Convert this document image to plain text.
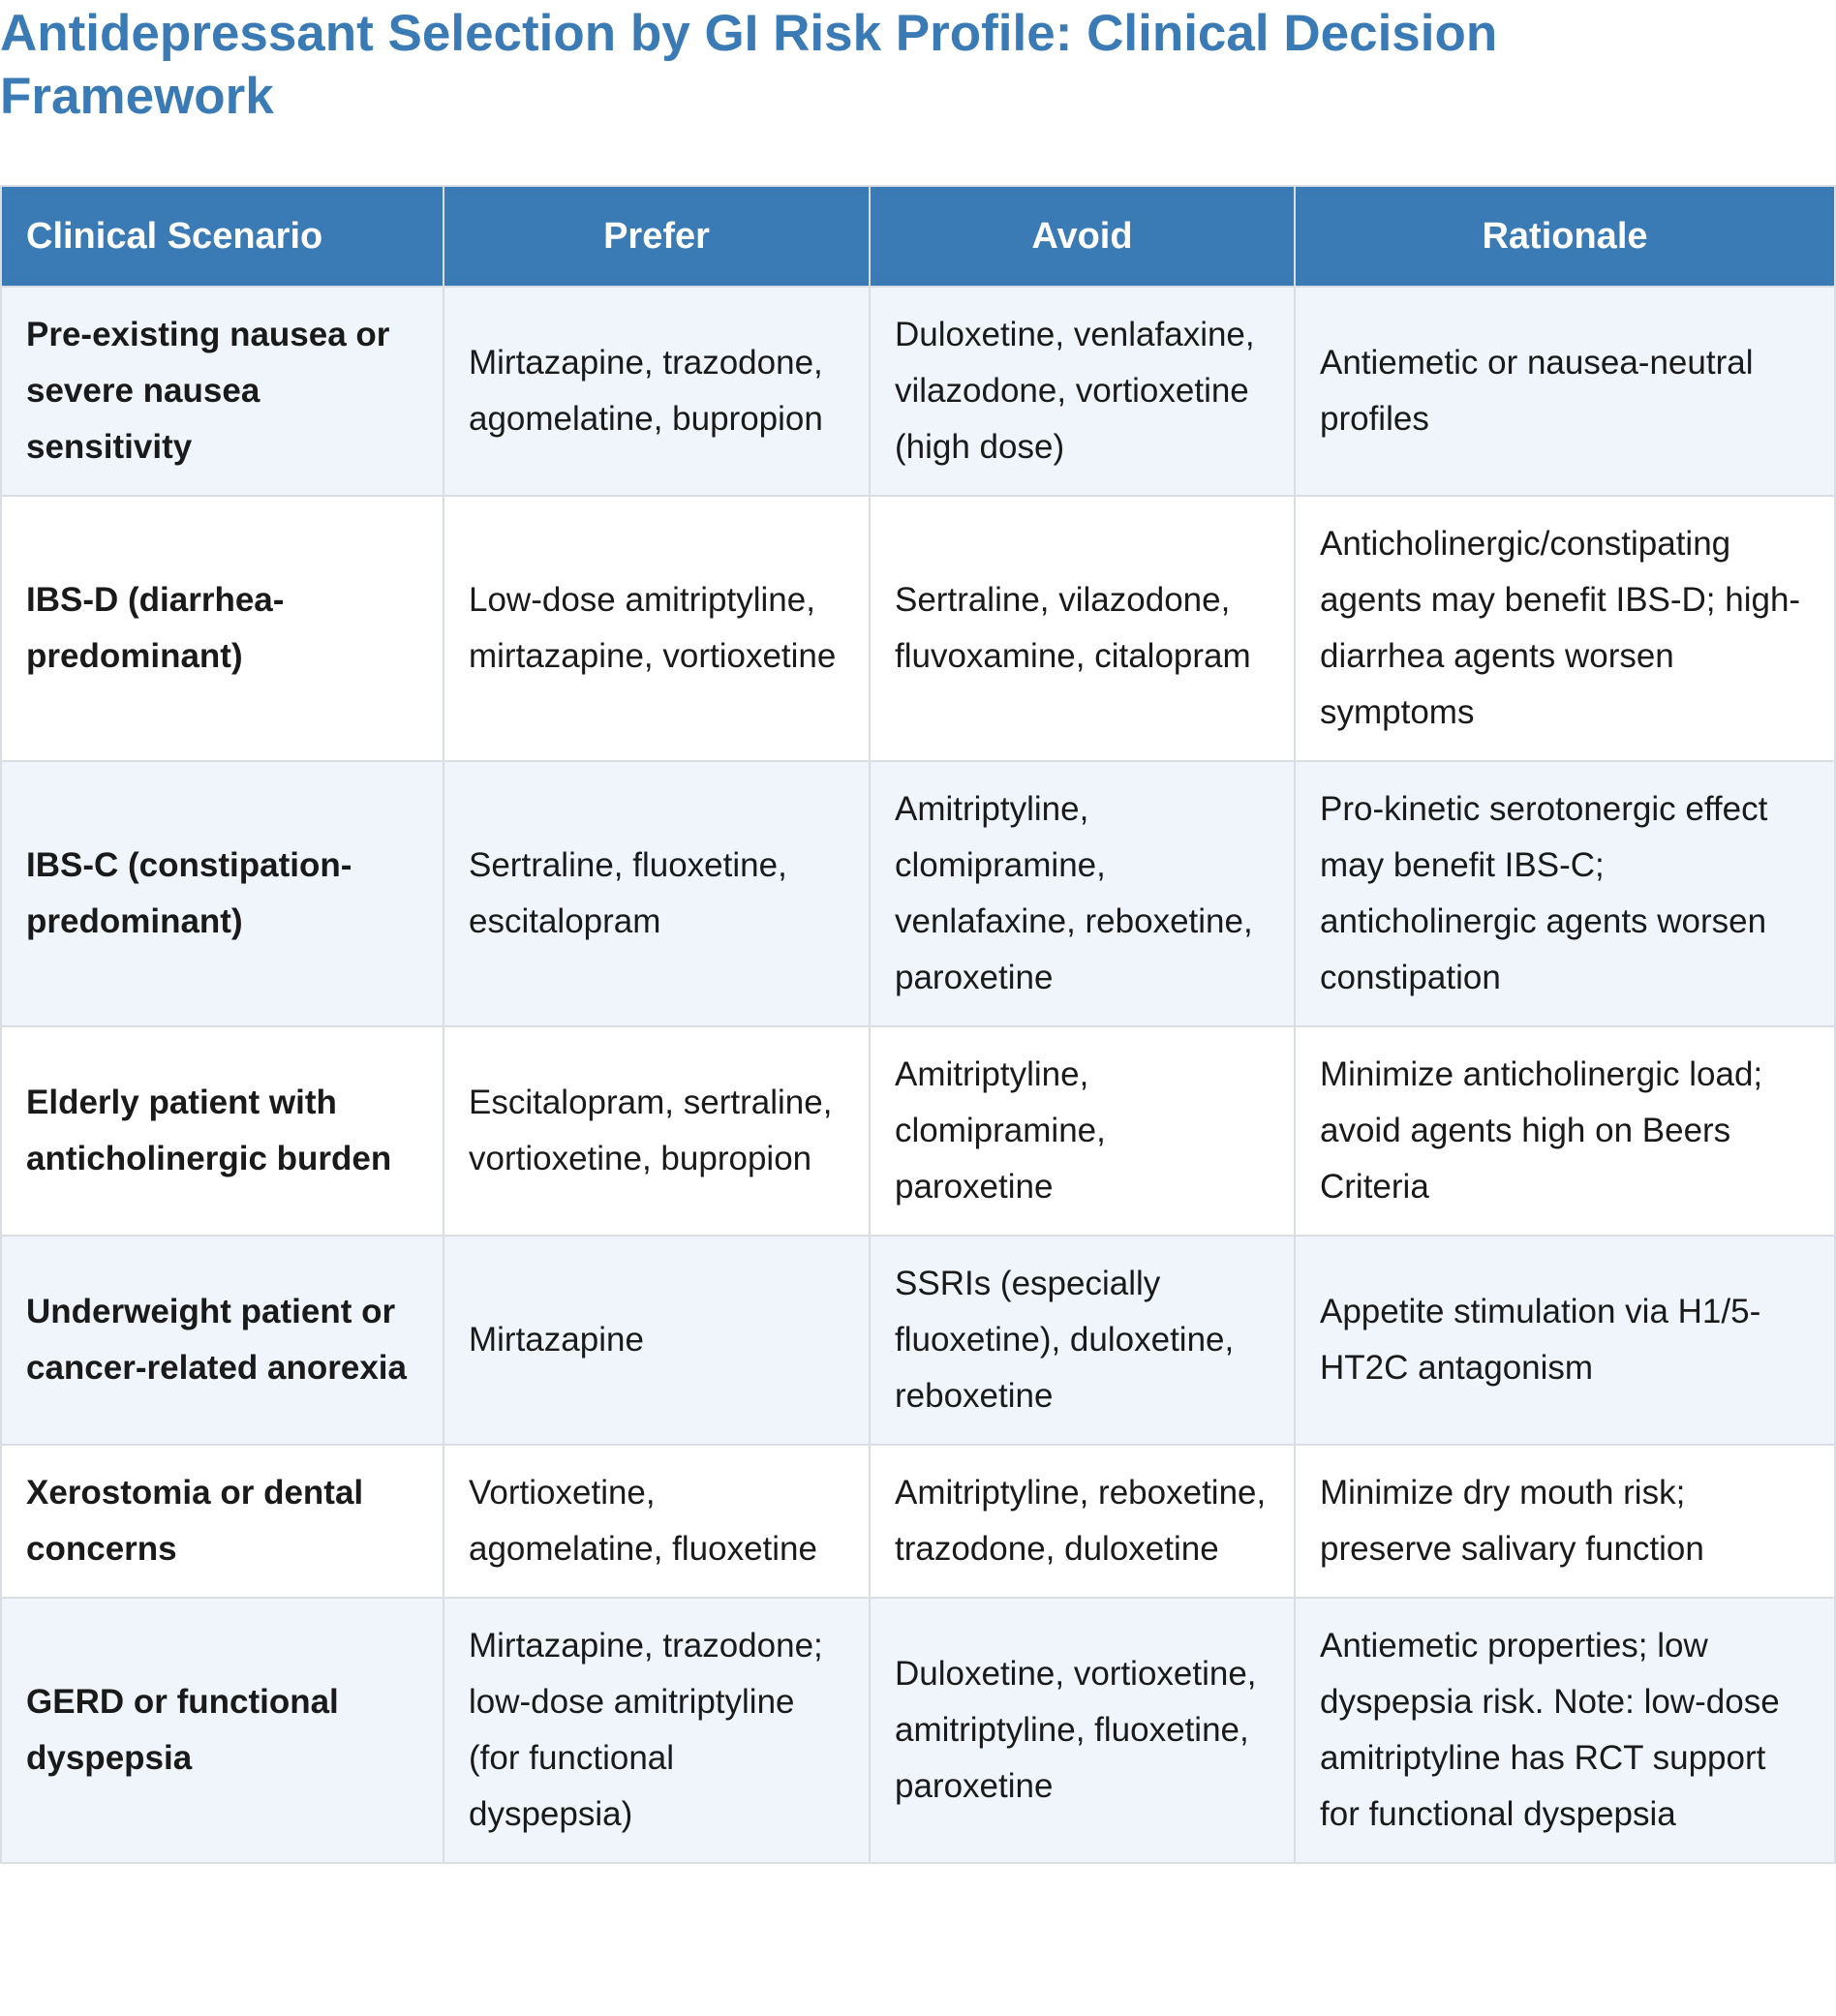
Antidepressant Selection by GI Risk Profile: Clinical Decision Framework
Clinical Scenario	Prefer	Avoid	Rationale
Pre-existing nausea or severe nausea sensitivity	Mirtazapine, trazodone, agomelatine, bupropion	Duloxetine, venlafaxine, vilazodone, vortioxetine (high dose)	Antiemetic or nausea-neutral profiles
IBS-D (diarrhea-predominant)	Low-dose amitriptyline, mirtazapine, vortioxetine	Sertraline, vilazodone, fluvoxamine, citalopram	Anticholinergic/constipating agents may benefit IBS-D; high-diarrhea agents worsen symptoms
IBS-C (constipation-predominant)	Sertraline, fluoxetine, escitalopram	Amitriptyline, clomipramine, venlafaxine, reboxetine, paroxetine	Pro-kinetic serotonergic effect may benefit IBS-C; anticholinergic agents worsen constipation
Elderly patient with anticholinergic burden	Escitalopram, sertraline, vortioxetine, bupropion	Amitriptyline, clomipramine, paroxetine	Minimize anticholinergic load; avoid agents high on Beers Criteria
Underweight patient or cancer-related anorexia	Mirtazapine	SSRIs (especially fluoxetine), duloxetine, reboxetine	Appetite stimulation via H1/5-HT2C antagonism
Xerostomia or dental concerns	Vortioxetine, agomelatine, fluoxetine	Amitriptyline, reboxetine, trazodone, duloxetine	Minimize dry mouth risk; preserve salivary function
GERD or functional dyspepsia	Mirtazapine, trazodone; low-dose amitriptyline (for functional dyspepsia)	Duloxetine, vortioxetine, amitriptyline, fluoxetine, paroxetine	Antiemetic properties; low dyspepsia risk. Note: low-dose amitriptyline has RCT support for functional dyspepsia
